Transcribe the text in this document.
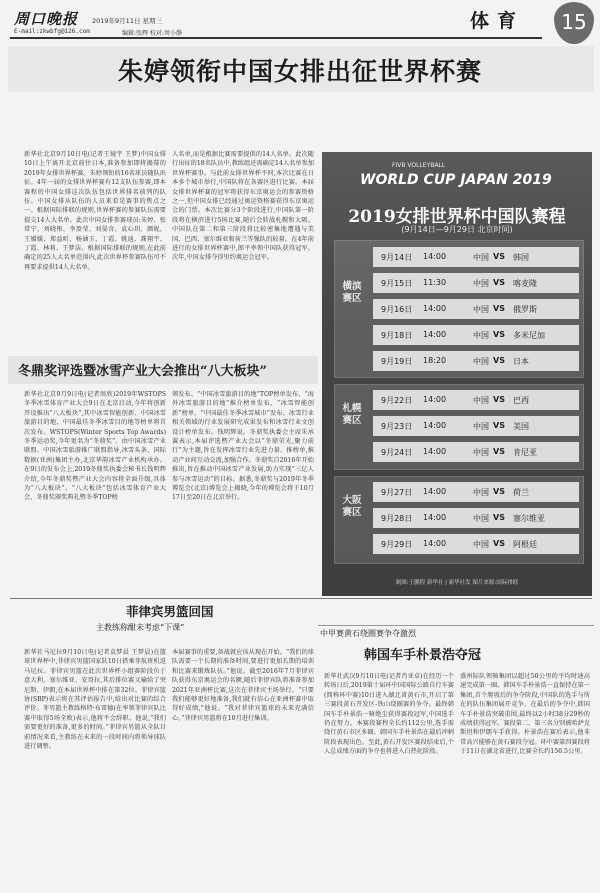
周口晚报 2019年9月11日 星期三
E-mail:zkwbfg@126.com	编辑:张辉 校对:周小静
体育	15
朱婷领衔中国女排出征世界杯赛
新华社北京9月10日电(记者王镜宇 王梦)中国女排10日上午离开北京前往日本,准备参加即将揭幕的2019年女排世界杯赛。朱婷领衔的16名球员随队出征。4年一届的女排世界杯赛有12支队伍参赛,即本赛程的中国女排这次队伍包括世界排名前列的队伍。中国女排从队伍的人员来看是赛事的焦点之一。根据国际排联的规则,世界杯赛的参赛队伍需要提交14人大名单。此次中国女排参赛球员:朱婷、张常宁、刘晓彤、李盈莹、刘晏含、袁心玥、颜妮、王媛媛、郑益昕、杨涵玉、丁霞、姚迪、龚翔宇、丁霞、林莉、王梦洁。根据国际排联的规则,在此前确定的25人大名单范围内,此次世界杯参赛队伍可不再要求提供14人大名单。
人名单,而是根据比赛需要提供的14人名单。此次随行出征的18名队员中,教练组还需确定14人名单参加世界杯赛事。与此前女排世界杯不同,本次比赛在日本多个城市举行,中国队将在各赛区进行比赛。本届女排世界杯赛的冠军将获得东京奥运会的参赛资格之一,但中国女排已经通过奥运资格赛获得东京奥运会的门票。本次比赛分3个阶段进行,中国队第一阶段将在横滨进行5场比赛,随后会转战札幌和大阪。中国队在第二和第三阶段将比较密集地遭遇与美国、巴西、塞尔维亚和荷兰等强队的较量。在4年前进行的女排世界杯赛中,郎平率领中国队获得冠军。次年,中国女排夺得里约奥运会冠军。
FIVB VOLLEYBALL
WORLD CUP JAPAN 2019
2019女排世界杯中国队赛程
(9月14日—9月29日 北京时间)
横滨赛区
9月14日 14:00	中国 VS 韩国
9月15日 11:30	中国 VS 喀麦隆
9月16日 14:00	中国 VS 俄罗斯
9月18日 14:00	中国 VS 多米尼加
9月19日 18:20	中国 VS 日本
札幌赛区
9月22日 14:00	中国 VS 巴西
9月23日 14:00	中国 VS 美国
9月24日 14:00	中国 VS 肯尼亚
大阪赛区
9月27日 14:00	中国 VS 荷兰
9月28日 14:00	中国 VS 塞尔维亚
9月29日 14:00	中国 VS 阿根廷
制图:王鹏程 新华社 | 新华社发 图片来源:国际排联
冬鼎奖评选暨冰雪产业大会推出“八大板块”
新华社北京9月9日电(记者周欣)2019年WSTOPS冬季冰雪体育产业大会9日在北京启动,今年将创新开设推出“八大板块”,其中冰雪智能创新、中国冰雪旅游目的地、中国最佳冬季冰雪目的地等榜单将首次发布。WSTOPS(Winter Sports Top Awards)冬季运动奖,今年更名为“冬鼎奖”。由中国冰雪产业联盟、中国冰雪旅游推广联盟指导,冰雪头条、国际数据(亚洲)集团主办,北京华韵冰雪产业机构承办。在9日的发布会上,2019冬鼎奖执委会秘书长钱明辉介绍,今年冬鼎奖暨产业大会内容将全面升级,具体为“八大板块”。“八大板块”包括冰雪体育产业大会、冬鼎奖颁奖典礼暨冬季TOP榜
颁发布、“中国冰雪旅游目的地”TOP榜单发布、“海外冰雪旅游目的地”推介榜单发布、“冰雪智能创新”榜单、“中国最佳冬季冰雪城市”发布、冰雪行业相关领域的行业发展研究成果发布和冰雪行业文创设计榜单发布。钱明辉说。冬鼎奖执委会主席朱承翼表示,本届评选暨产业大会以“冬鼎荣光,聚力前行”为主题,旨在发挥冰雪行业先进力量、推榜单,推动产业间互动交流,加强合作。冬鼎奖自2016年开始推出,旨在推动中国冰雪产业发展,助力实现“三亿人参与冰雪运动”的目标。据悉,冬鼎奖与2019年冬季博览会(北京)博览会上揭晓,今年的博览会将于10月17日至20日在北京举行。
菲律宾男篮回国
主教练称酣未考虑“下课”
新华社马尼拉9月10日电(记者袁梦晨 王梦晨)在篮球世界杯中,菲律宾男篮国家队10日搭乘菲航班机返马尼拉。菲律宾男篮在此次世界杯小组赛阶段负于意大利、塞尔维亚、安哥拉,其后排位赛又输给了突尼斯、伊朗,在本届世界杯中排在第32位。菲律宾篮协(SBP)表示将在其评估报告中,给出对比赛的综合评价。菲男篮主教练格特·布雷德(在率领菲律宾队比赛中取得5场全败)表示,他将不会辞职。他说,“我们需要更好的准备,更多的时间。”菲律宾男篮从全队目前情况来看,主教练在未来的一段时间内将领导球队进行调整。
本届赛事的重要,备战就应该从现在开始。“我们的球队需要一个长期的准备时间,要进行更加长期的培训和比赛来锻炼队伍。”他说。截至2016年7月菲律宾队获得东京奥运会的名额,随后菲律宾队将准备参加2021年亚洲杯比赛,这次在菲律宾主场举行。“只要我们能够更好地准备,我们就有信心在亚洲杯赛中取得好成绩,”他说。“我对菲律宾篮球的未来充满信心。”菲律宾男篮将在10月进行集训。
中甲赛黄石绕圈赛争夺激烈
韩国车手朴景浩夺冠
新华社武汉9月10日电(记者肖亚卓)在经历一个转场日后,2019第十届环中国国际公路自行车赛(简称环中赛)10日进入湖北省黄石市,开启了第三赛段黄石开发区-铁山绕圈赛的争夺。最终韩国车手朴景浩一骑绝尘获得赛段冠军,中国选手仍在努力。本赛段赛程全长约112公里,选手需绕行黄石市区多圈。韩国车手朴景浩在最后冲刺阶段表现出色。至此,黄石开发区赛段结束后,个人总成绩方面的争夺也将进入白热化阶段。
盛州际队领骑集团以超过50公里的平均时速高速完成第一圈。韩国车手朴景浩一直保持在第一集团,首个爬坡后的争夺阶段,中国队的选手与所在的队伍集团展开竞争。在最后的争夺中,韩国车手朴景浩突破重围,最终以2小时38分29秒的成绩获得冠军。赛段第二、第三名分别被哈萨克斯坦和伊朗车手获得。朴景浩在赛后表示,他非常高兴能够在黄石赛段夺冠。环中赛第四赛段将于11日在湖北省进行,比赛全长约156.5公里。
